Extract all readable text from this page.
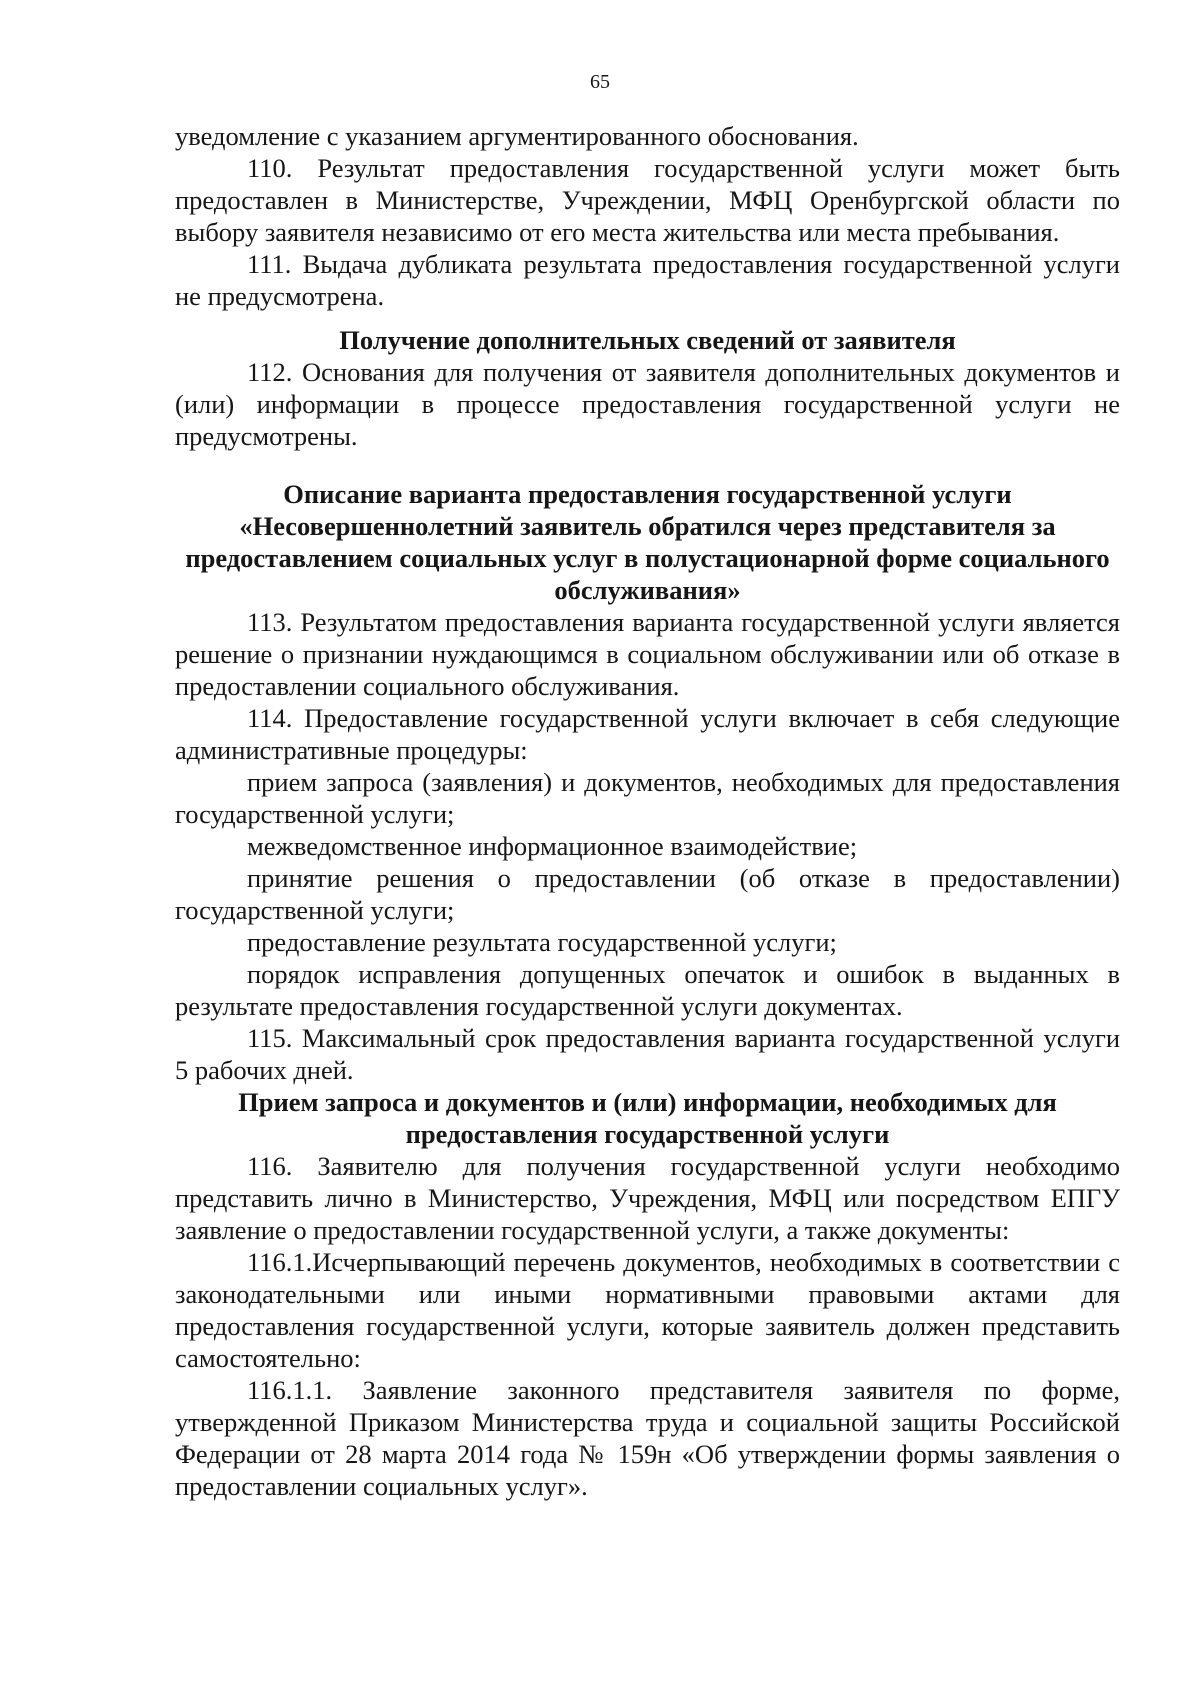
65

уведомление с указанием аргументированного обоснования.

110. Результат предоставления государственной услуги может быть предоставлен в Министерстве, Учреждении, МФЦ Оренбургской области по выбору заявителя независимо от его места жительства или места пребывания.

111. Выдача дубликата результата предоставления государственной услуги не предусмотрена.

Получение дополнительных сведений от заявителя

112. Основания для получения от заявителя дополнительных документов и (или) информации в процессе предоставления государственной услуги не предусмотрены.

Описание варианта предоставления государственной услуги «Несовершеннолетний заявитель обратился через представителя за предоставлением социальных услуг в полустационарной форме социального обслуживания»

113. Результатом предоставления варианта государственной услуги является решение о признании нуждающимся в социальном обслуживании или об отказе в предоставлении социального обслуживания.

114. Предоставление государственной услуги включает в себя следующие административные процедуры:

прием запроса (заявления) и документов, необходимых для предоставления государственной услуги;

межведомственное информационное взаимодействие;

принятие решения о предоставлении (об отказе в предоставлении) государственной услуги;

предоставление результата государственной услуги;

порядок исправления допущенных опечаток и ошибок в выданных в результате предоставления государственной услуги документах.

115. Максимальный срок предоставления варианта государственной услуги 5 рабочих дней.

Прием запроса и документов и (или) информации, необходимых для предоставления государственной услуги

116. Заявителю для получения государственной услуги необходимо представить лично в Министерство, Учреждения, МФЦ или посредством ЕПГУ заявление о предоставлении государственной услуги, а также документы:

116.1.Исчерпывающий перечень документов, необходимых в соответствии с законодательными или иными нормативными правовыми актами для предоставления государственной услуги, которые заявитель должен представить самостоятельно:

116.1.1. Заявление законного представителя заявителя по форме, утвержденной Приказом Министерства труда и социальной защиты Российской Федерации от 28 марта 2014 года № 159н «Об утверждении формы заявления о предоставлении социальных услуг».
